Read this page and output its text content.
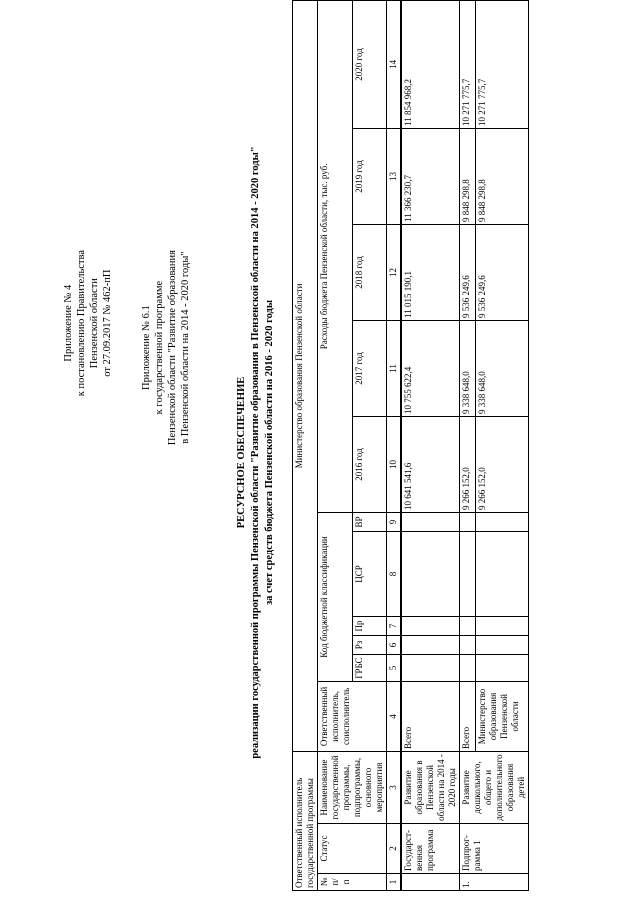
Приложение № 4 к постановлению Правительства Пензенской области от 27.09.2017 № 462-пП	Приложение № 6.1 к государственной программе Пензенской области "Развитие образования в Пензенской области на 2014 - 2020 годы"
РЕСУРСНОЕ ОБЕСПЕЧЕНИЕ реализации государственной программы Пензенской области "Развитие образования в Пензенской области на 2014 - 2020 годы" за счет средств бюджета Пензенской области на 2016 - 2020 годы
Ответственный исполнитель государственной программы			Министерство образования Пензенской области										
№ п/п	Статус	Наименование государственной программы, подпрограммы, основного мероприятия	Ответственный исполнитель, соисполнитель	Код бюджетной классификации					Расходы бюджета Пензенской области, тыс. руб.				
				ГРБС	Рз	Пр	ЦСР	ВР	2016 год	2017 год	2018 год	2019 год	2020 год
1	2	3	4	5	6	7	8	9	10	11	12	13	14
	Государст-венная программа	Развитие образования в Пензенской области на 2014 - 2020 годы	Всего						10 641 541,6	10 755 622,4	11 015 190,1	11 366 230,7	11 854 968,2
1.	Подпрог-рамма 1	Развитие дошкольного, общего и дополнительного образования детей	Всего						9 266 152,0	9 338 648,0	9 536 249,6	9 848 298,8	10 271 775,7
			Министерство образования Пензенской области						9 266 152,0	9 338 648,0	9 536 249,6	9 848 298,8	10 271 775,7
